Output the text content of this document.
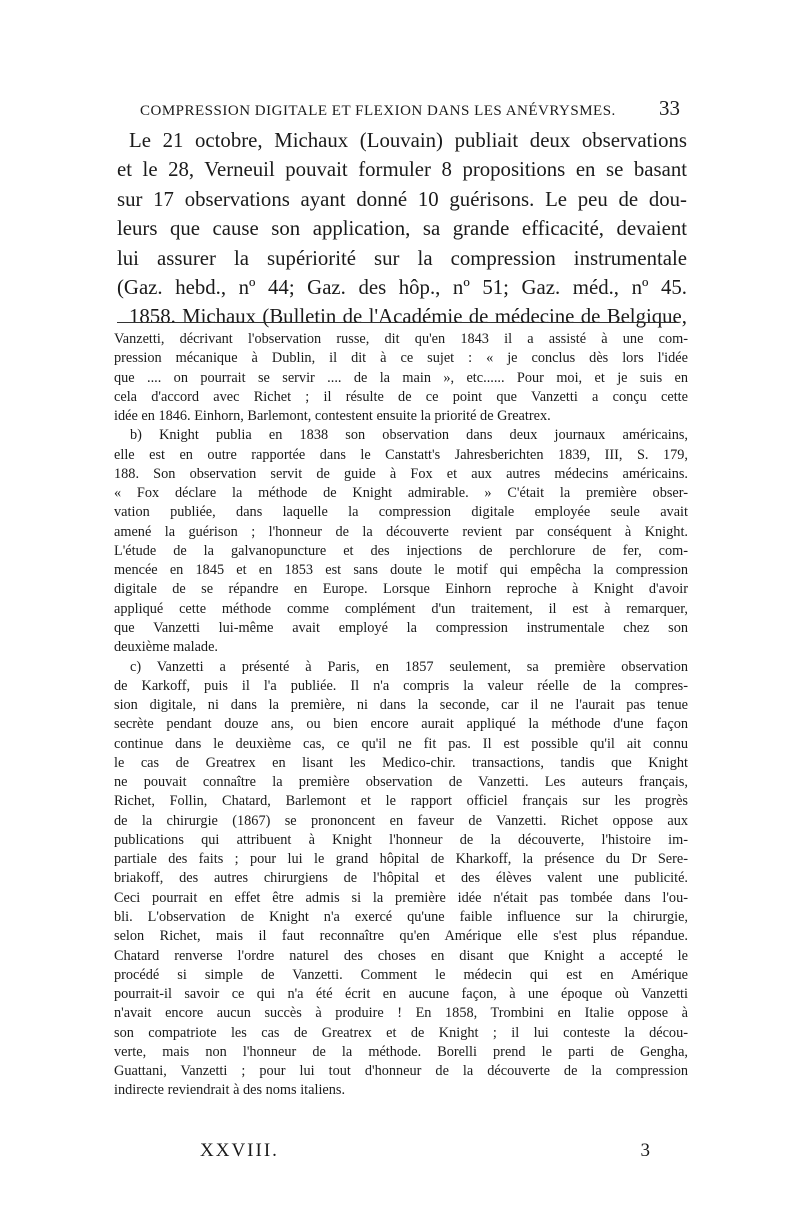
COMPRESSION DIGITALE ET FLEXION DANS LES ANÉVRYSMES. 33
Le 21 octobre, Michaux (Louvain) publiait deux observations
et le 28, Verneuil pouvait formuler 8 propositions en se basant
sur 17 observations ayant donné 10 guérisons. Le peu de dou-
leurs que cause son application, sa grande efficacité, devaient
lui assurer la supériorité sur la compression instrumentale
(Gaz. hebd., nº 44; Gaz. des hôp., nº 51; Gaz. méd., nº 45.
1858. Michaux (Bulletin de l'Académie de médecine de Belgique,
Vanzetti, décrivant l'observation russe, dit qu'en 1843 il a assisté à une com-
pression mécanique à Dublin, il dit à ce sujet : « je conclus dès lors l'idée
que .... on pourrait se servir .... de la main », etc...... Pour moi, et je suis en
cela d'accord avec Richet ; il résulte de ce point que Vanzetti a conçu cette
idée en 1846. Einhorn, Barlemont, contestent ensuite la priorité de Greatrex.
b) Knight publia en 1838 son observation dans deux journaux américains,
elle est en outre rapportée dans le Canstatt's Jahresberichten 1839, III, S. 179,
188. Son observation servit de guide à Fox et aux autres médecins américains.
« Fox déclare la méthode de Knight admirable. » C'était la première obser-
vation publiée, dans laquelle la compression digitale employée seule avait
amené la guérison ; l'honneur de la découverte revient par conséquent à Knight.
L'étude de la galvanopuncture et des injections de perchlorure de fer, com-
mencée en 1845 et en 1853 est sans doute le motif qui empêcha la compression
digitale de se répandre en Europe. Lorsque Einhorn reproche à Knight d'avoir
appliqué cette méthode comme complément d'un traitement, il est à remarquer,
que Vanzetti lui-même avait employé la compression instrumentale chez son
deuxième malade.
c) Vanzetti a présenté à Paris, en 1857 seulement, sa première observation
de Karkoff, puis il l'a publiée. Il n'a compris la valeur réelle de la compres-
sion digitale, ni dans la première, ni dans la seconde, car il ne l'aurait pas tenue
secrète pendant douze ans, ou bien encore aurait appliqué la méthode d'une façon
continue dans le deuxième cas, ce qu'il ne fit pas. Il est possible qu'il ait connu
le cas de Greatrex en lisant les Medico-chir. transactions, tandis que Knight
ne pouvait connaître la première observation de Vanzetti. Les auteurs français,
Richet, Follin, Chatard, Barlemont et le rapport officiel français sur les progrès
de la chirurgie (1867) se prononcent en faveur de Vanzetti. Richet oppose aux
publications qui attribuent à Knight l'honneur de la découverte, l'histoire im-
partiale des faits ; pour lui le grand hôpital de Kharkoff, la présence du Dr Sere-
briakoff, des autres chirurgiens de l'hôpital et des élèves valent une publicité.
Ceci pourrait en effet être admis si la première idée n'était pas tombée dans l'ou-
bli. L'observation de Knight n'a exercé qu'une faible influence sur la chirurgie,
selon Richet, mais il faut reconnaître qu'en Amérique elle s'est plus répandue.
Chatard renverse l'ordre naturel des choses en disant que Knight a accepté le
procédé si simple de Vanzetti. Comment le médecin qui est en Amérique
pourrait-il savoir ce qui n'a été écrit en aucune façon, à une époque où Vanzetti
n'avait encore aucun succès à produire ! En 1858, Trombini en Italie oppose à
son compatriote les cas de Greatrex et de Knight ; il lui conteste la décou-
verte, mais non l'honneur de la méthode. Borelli prend le parti de Gengha,
Guattani, Vanzetti ; pour lui tout d'honneur de la découverte de la compression
indirecte reviendrait à des noms italiens.
XXVIII.	3
